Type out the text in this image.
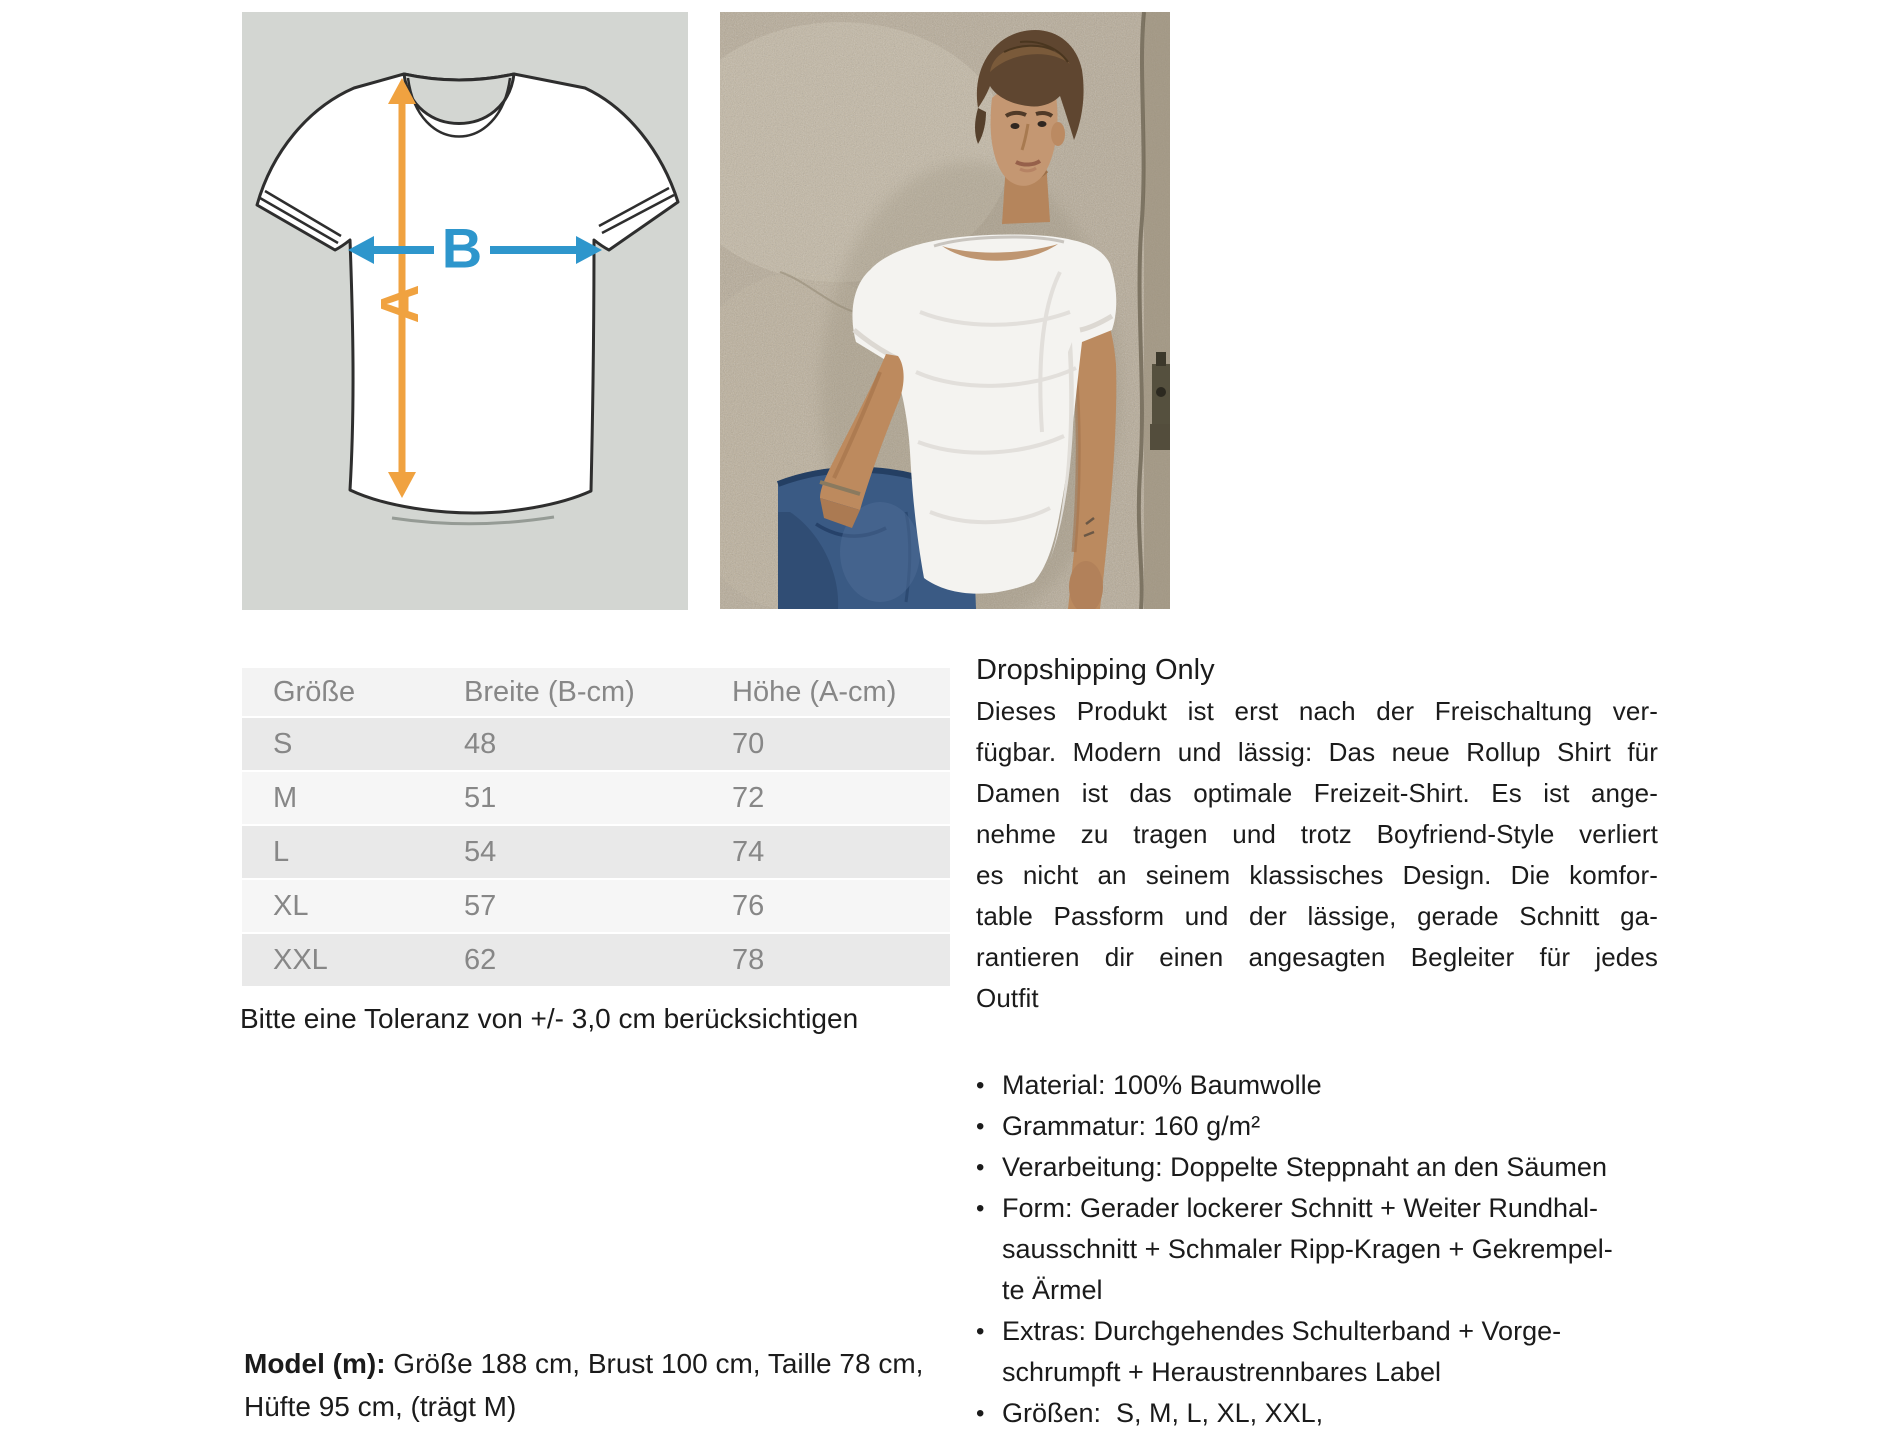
A
B
Größe	Breite (B-cm)	Höhe (A-cm)
S	48	70
M	51	72
L	54	74
XL	57	76
XXL	62	78
Bitte eine Toleranz von +/- 3,0 cm berücksichtigen
Model (m): Größe 188 cm, Brust 100 cm, Taille 78 cm,
Hüfte 95 cm, (trägt M)
Dropshipping Only
Dieses Produkt ist erst nach der Freischaltung ver-
fügbar. Modern und lässig: Das neue Rollup Shirt für
Damen ist das optimale Freizeit-Shirt. Es ist ange-
nehme zu tragen und trotz Boyfriend-Style verliert
es nicht an seinem klassisches Design. Die komfor-
table Passform und der lässige, gerade Schnitt ga-
rantieren dir einen angesagten Begleiter für jedes
Outfit
• Material: 100% Baumwolle
• Grammatur: 160 g/m²
• Verarbeitung: Doppelte Steppnaht an den Säumen
• Form: Gerader lockerer Schnitt + Weiter Rundhal-
sausschnitt + Schmaler Ripp-Kragen + Gekrempel-
te Ärmel
• Extras: Durchgehendes Schulterband + Vorge-
schrumpft + Heraustrennbares Label
• Größen:  S, M, L, XL, XXL,
